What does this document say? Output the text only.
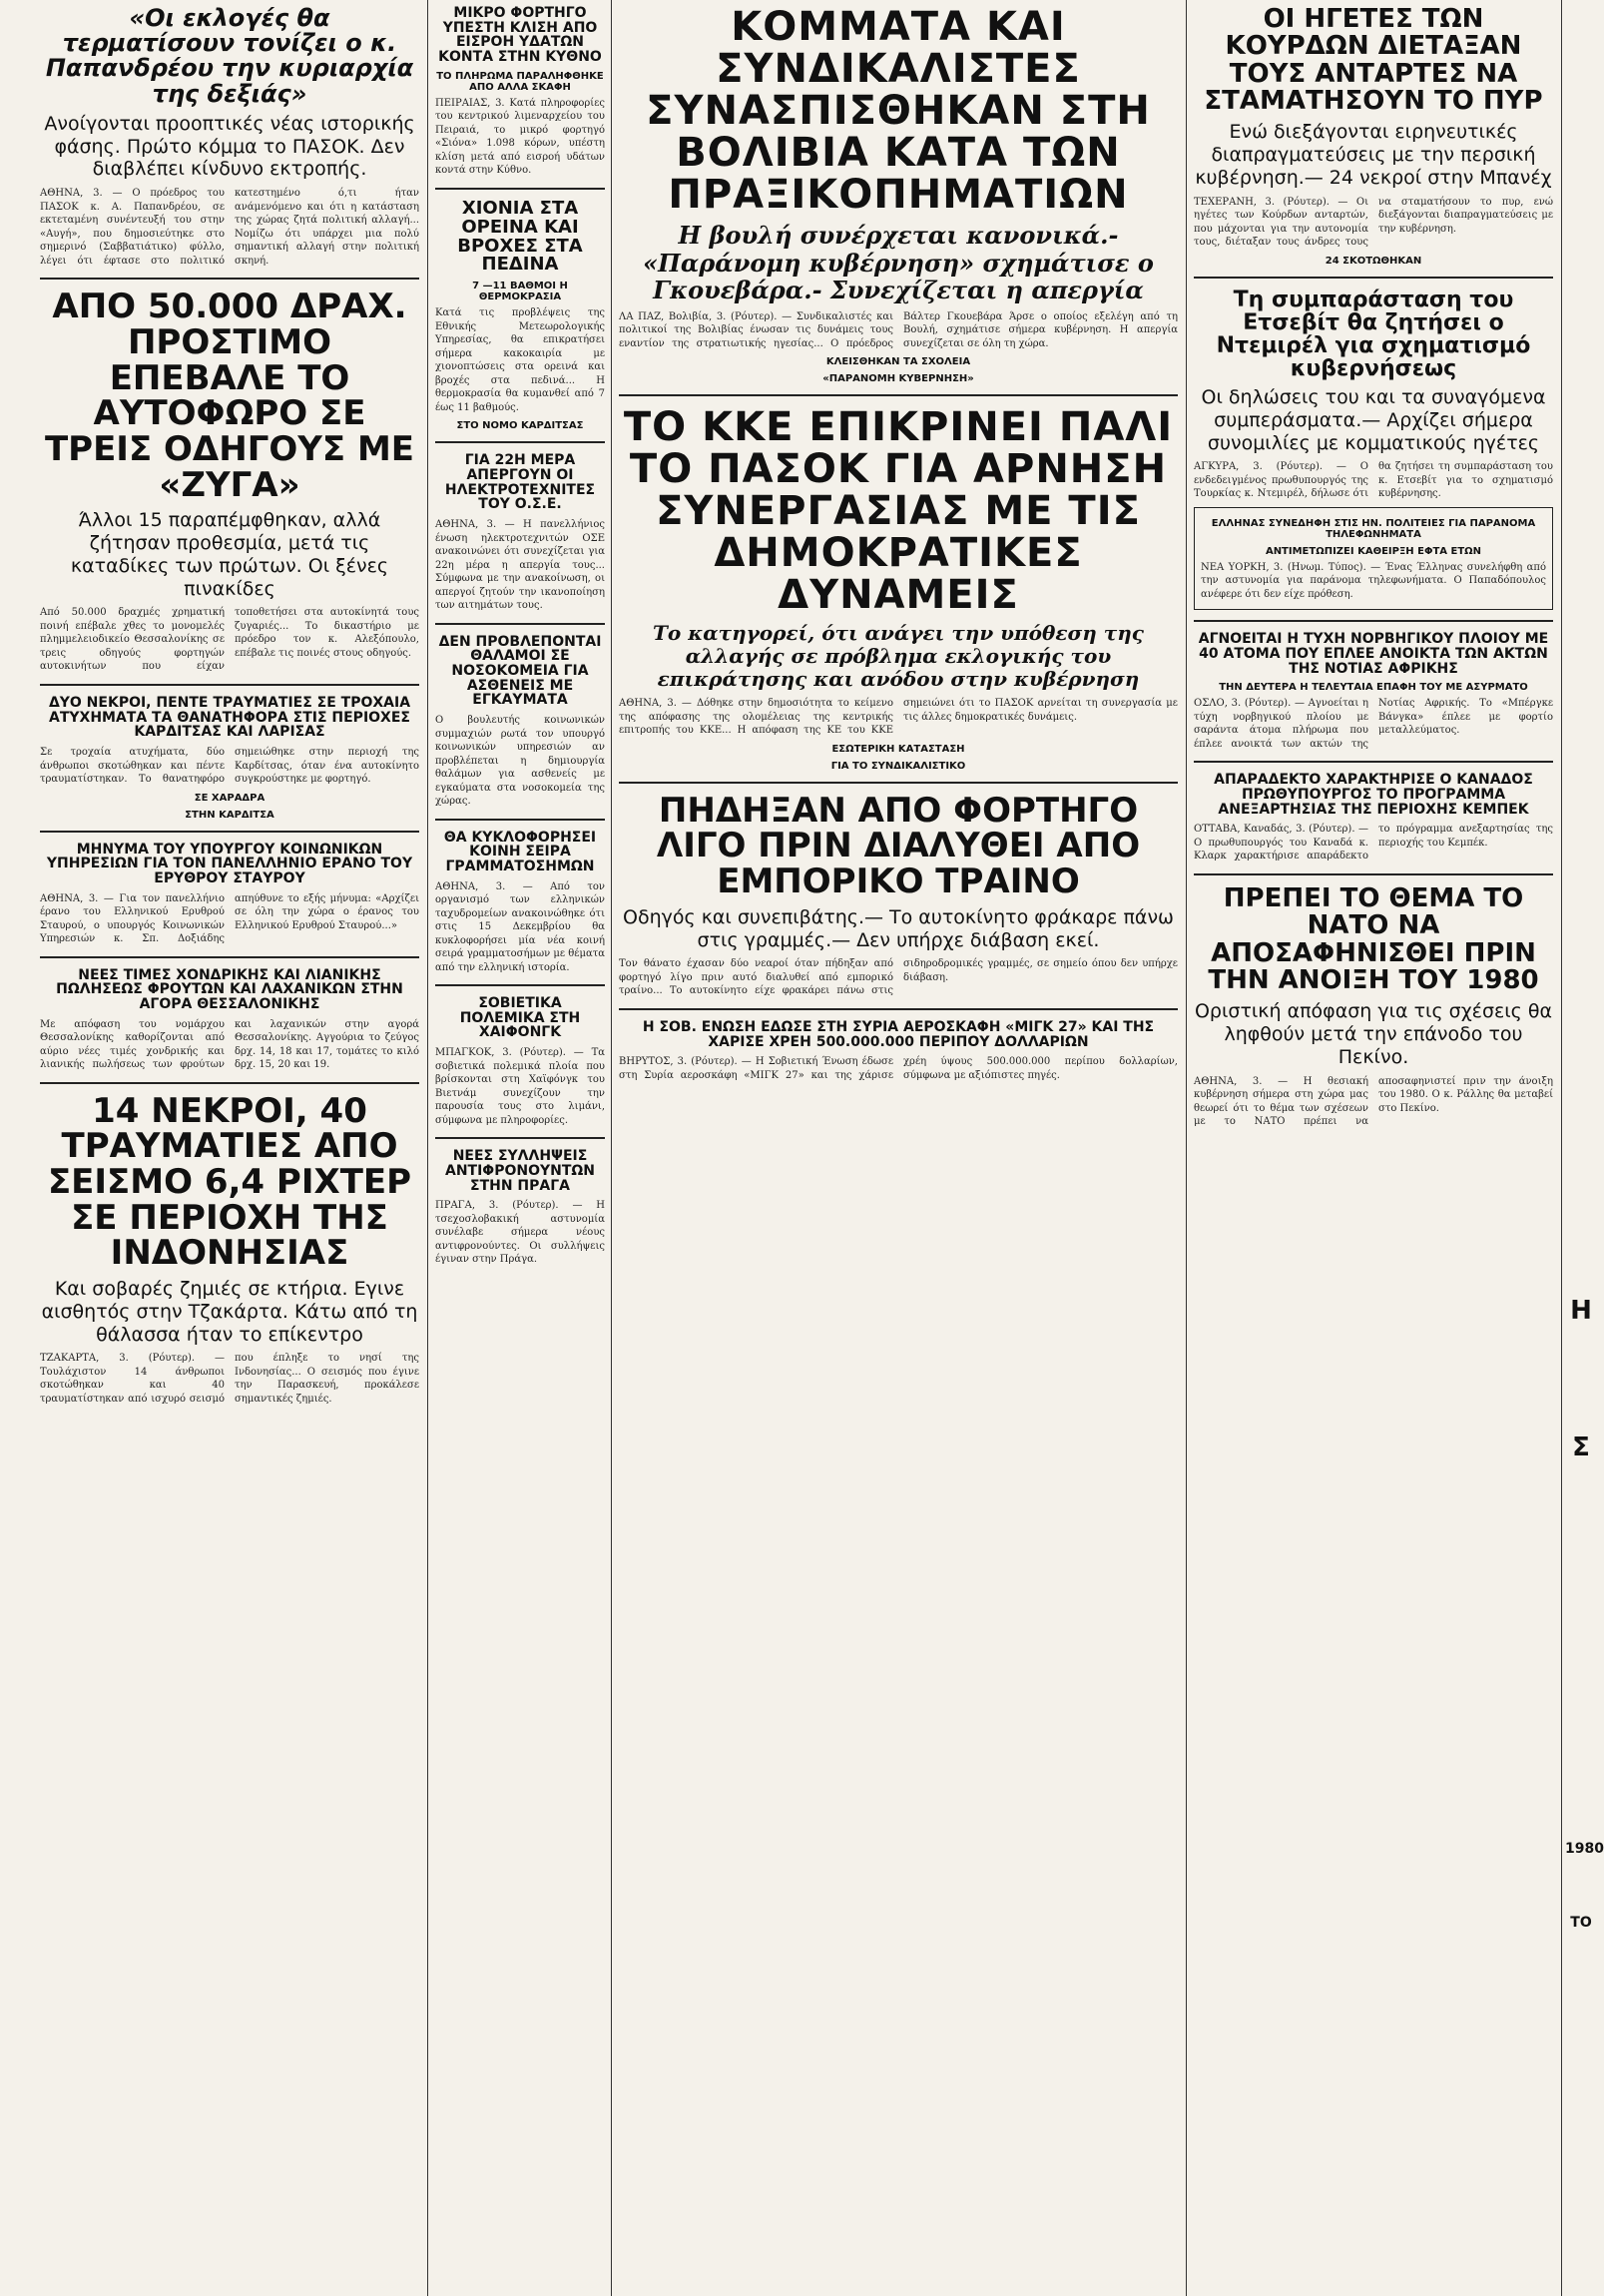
«Οι εκλογές θα τερματίσουν τονίζει ο κ. Παπανδρέου την κυριαρχία της δεξιάς»
Ανοίγονται προοπτικές νέας ιστορικής φάσης. Πρώτο κόμμα το ΠΑΣΟΚ. Δεν διαβλέπει κίνδυνο εκτροπής.
ΑΘΗΝΑ, 3. — Ο πρόεδρος του ΠΑΣΟΚ κ. Α. Παπανδρέου, σε εκτεταμένη συνέντευξή του στην «Αυγή», που δημοσιεύτηκε στο σημερινό (Σαββατιάτικο) φύλλο, λέγει ότι έφτασε στο πολιτικό κατεστημένο ό,τι ήταν ανάμενόμενο και ότι η κατάσταση της χώρας ζητά πολιτική αλλαγή... Νομίζω ότι υπάρχει μια πολύ σημαντική αλλαγή στην πολιτική σκηνή.
ΑΠΟ 50.000 ΔΡΑΧ. ΠΡΟΣΤΙΜΟ ΕΠΕΒΑΛΕ ΤΟ ΑΥΤΟΦΩΡΟ ΣΕ ΤΡΕΙΣ ΟΔΗΓΟΥΣ ΜΕ «ΖΥΓΑ»
Άλλοι 15 παραπέμφθηκαν, αλλά ζήτησαν προθεσμία, μετά τις καταδίκες των πρώτων. Οι ξένες πινακίδες
Από 50.000 δραχμές χρηματική ποινή επέβαλε χθες το μονομελές πλημμελειοδικείο Θεσσαλονίκης σε τρεις οδηγούς φορτηγών αυτοκινήτων που είχαν τοποθετήσει στα αυτοκίνητά τους ζυγαριές... Το δικαστήριο με πρόεδρο τον κ. Αλεξόπουλο, επέβαλε τις ποινές στους οδηγούς.
ΔΥΟ ΝΕΚΡΟΙ, ΠΕΝΤΕ ΤΡΑΥΜΑΤΙΕΣ ΣΕ ΤΡΟΧΑΙΑ ΑΤΥΧΗΜΑΤΑ ΤΑ ΘΑΝΑΤΗΦΟΡΑ ΣΤΙΣ ΠΕΡΙΟΧΕΣ ΚΑΡΔΙΤΣΑΣ ΚΑΙ ΛΑΡΙΣΑΣ
Σε τροχαία ατυχήματα, δύο άνθρωποι σκοτώθηκαν και πέντε τραυματίστηκαν. Το θανατηφόρο σημειώθηκε στην περιοχή της Καρδίτσας, όταν ένα αυτοκίνητο συγκρούστηκε με φορτηγό.
ΣΕ ΧΑΡΑΔΡΑ
ΣΤΗΝ ΚΑΡΔΙΤΣΑ
ΜΗΝΥΜΑ ΤΟΥ ΥΠΟΥΡΓΟΥ ΚΟΙΝΩΝΙΚΩΝ ΥΠΗΡΕΣΙΩΝ ΓΙΑ ΤΟΝ ΠΑΝΕΛΛΗΝΙΟ ΕΡΑΝΟ ΤΟΥ ΕΡΥΘΡΟΥ ΣΤΑΥΡΟΥ
ΑΘΗΝΑ, 3. — Για τον πανελλήνιο έρανο του Ελληνικού Ερυθρού Σταυρού, ο υπουργός Κοινωνικών Υπηρεσιών κ. Σπ. Δοξιάδης απηύθυνε το εξής μήνυμα: «Αρχίζει σε όλη την χώρα ο έρανος του Ελληνικού Ερυθρού Σταυρού...»
ΝΕΕΣ ΤΙΜΕΣ ΧΟΝΔΡΙΚΗΣ ΚΑΙ ΛΙΑΝΙΚΗΣ ΠΩΛΗΣΕΩΣ ΦΡΟΥΤΩΝ ΚΑΙ ΛΑΧΑΝΙΚΩΝ ΣΤΗΝ ΑΓΟΡΑ ΘΕΣΣΑΛΟΝΙΚΗΣ
Με απόφαση του νομάρχου Θεσσαλονίκης καθορίζονται από αύριο νέες τιμές χονδρικής και λιανικής πωλήσεως των φρούτων και λαχανικών στην αγορά Θεσσαλονίκης. Αγγούρια το ζεύγος δρχ. 14, 18 και 17, τομάτες το κιλό δρχ. 15, 20 και 19.
14 ΝΕΚΡΟΙ, 40 ΤΡΑΥΜΑΤΙΕΣ ΑΠΟ ΣΕΙΣΜΟ 6,4 ΡΙΧΤΕΡ ΣΕ ΠΕΡΙΟΧΗ ΤΗΣ ΙΝΔΟΝΗΣΙΑΣ
Και σοβαρές ζημιές σε κτήρια. Εγινε αισθητός στην Τζακάρτα. Κάτω από τη θάλασσα ήταν το επίκεντρο
ΤΖΑΚΑΡΤΑ, 3. (Ρόυτερ). — Τουλάχιστον 14 άνθρωποι σκοτώθηκαν και 40 τραυματίστηκαν από ισχυρό σεισμό που έπληξε το νησί της Ινδονησίας... Ο σεισμός που έγινε την Παρασκευή, προκάλεσε σημαντικές ζημιές.
ΜΙΚΡΟ ΦΟΡΤΗΓΟ ΥΠΕΣΤΗ ΚΛΙΣΗ ΑΠΟ ΕΙΣΡΟΗ ΥΔΑΤΩΝ ΚΟΝΤΑ ΣΤΗΝ ΚΥΘΝΟ
ΤΟ ΠΛΗΡΩΜΑ ΠΑΡΑΛΗΦΘΗΚΕ ΑΠΟ ΑΛΛΑ ΣΚΑΦΗ
ΠΕΙΡΑΙΑΣ, 3. Κατά πληροφορίες του κεντρικού λιμεναρχείου του Πειραιά, το μικρό φορτηγό «Σιόνα» 1.098 κόρων, υπέστη κλίση μετά από εισροή υδάτων κοντά στην Κύθνο.
ΧΙΟΝΙΑ ΣΤΑ ΟΡΕΙΝΑ ΚΑΙ ΒΡΟΧΕΣ ΣΤΑ ΠΕΔΙΝΑ
7 —11 ΒΑΘΜΟΙ Η ΘΕΡΜΟΚΡΑΣΙΑ
Κατά τις προβλέψεις της Εθνικής Μετεωρολογικής Υπηρεσίας, θα επικρατήσει σήμερα κακοκαιρία με χιονοπτώσεις στα ορεινά και βροχές στα πεδινά... Η θερμοκρασία θα κυμανθεί από 7 έως 11 βαθμούς.
ΣΤΟ ΝΟΜΟ ΚΑΡΔΙΤΣΑΣ
ΓΙΑ 22Η ΜΕΡΑ ΑΠΕΡΓΟΥΝ ΟΙ ΗΛΕΚΤΡΟΤΕΧΝΙΤΕΣ ΤΟΥ Ο.Σ.Ε.
ΑΘΗΝΑ, 3. — Η πανελλήνιος ένωση ηλεκτροτεχνιτών ΟΣΕ ανακοινώνει ότι συνεχίζεται για 22η μέρα η απεργία τους... Σύμφωνα με την ανακοίνωση, οι απεργοί ζητούν την ικανοποίηση των αιτημάτων τους.
ΔΕΝ ΠΡΟΒΛΕΠΟΝΤΑΙ ΘΑΛΑΜΟΙ ΣΕ ΝΟΣΟΚΟΜΕΙΑ ΓΙΑ ΑΣΘΕΝΕΙΣ ΜΕ ΕΓΚΑΥΜΑΤΑ
Ο βουλευτής κοινωνικών συμμαχιών ρωτά τον υπουργό κοινωνικών υπηρεσιών αν προβλέπεται η δημιουργία θαλάμων για ασθενείς με εγκαύματα στα νοσοκομεία της χώρας.
ΘΑ ΚΥΚΛΟΦΟΡΗΣΕΙ ΚΟΙΝΗ ΣΕΙΡΑ ΓΡΑΜΜΑΤΟΣΗΜΩΝ
ΑΘΗΝΑ, 3. — Από τον οργανισμό των ελληνικών ταχυδρομείων ανακοινώθηκε ότι στις 15 Δεκεμβρίου θα κυκλοφορήσει μία νέα κοινή σειρά γραμματοσήμων με θέματα από την ελληνική ιστορία.
ΣΟΒΙΕΤΙΚΑ ΠΟΛΕΜΙΚΑ ΣΤΗ ΧΑΙΦΟΝΓΚ
ΜΠΑΓΚΟΚ, 3. (Ρόυτερ). — Τα σοβιετικά πολεμικά πλοία που βρίσκονται στη Χαϊφόνγκ του Βιετνάμ συνεχίζουν την παρουσία τους στο λιμάνι, σύμφωνα με πληροφορίες.
ΝΕΕΣ ΣΥΛΛΗΨΕΙΣ ΑΝΤΙΦΡΟΝΟΥΝΤΩΝ ΣΤΗΝ ΠΡΑΓΑ
ΠΡΑΓΑ, 3. (Ρόυτερ). — Η τσεχοσλοβακική αστυνομία συνέλαβε σήμερα νέους αντιφρονούντες. Οι συλλήψεις έγιναν στην Πράγα.
ΚΟΜΜΑΤΑ ΚΑΙ ΣΥΝΔΙΚΑΛΙΣΤΕΣ ΣΥΝΑΣΠΙΣΘΗΚΑΝ ΣΤΗ ΒΟΛΙΒΙΑ ΚΑΤΑ ΤΩΝ ΠΡΑΞΙΚΟΠΗΜΑΤΙΩΝ
Η βουλή συνέρχεται κανονικά.- «Παράνομη κυβέρνηση» σχημάτισε ο Γκουεβάρα.- Συνεχίζεται η απεργία
ΛΑ ΠΑΖ, Βολιβία, 3. (Ρόυτερ). — Συνδικαλιστές και πολιτικοί της Βολιβίας ένωσαν τις δυνάμεις τους εναντίον της στρατιωτικής ηγεσίας... Ο πρόεδρος Βάλτερ Γκουεβάρα Άρσε ο οποίος εξελέγη από τη Βουλή, σχημάτισε σήμερα κυβέρνηση. Η απεργία συνεχίζεται σε όλη τη χώρα.
ΚΛΕΙΣΘΗΚΑΝ ΤΑ ΣΧΟΛΕΙΑ
«ΠΑΡΑΝΟΜΗ ΚΥΒΕΡΝΗΣΗ»
ΤΟ ΚΚΕ ΕΠΙΚΡΙΝΕΙ ΠΑΛΙ ΤΟ ΠΑΣΟΚ ΓΙΑ ΑΡΝΗΣΗ ΣΥΝΕΡΓΑΣΙΑΣ ΜΕ ΤΙΣ ΔΗΜΟΚΡΑΤΙΚΕΣ ΔΥΝΑΜΕΙΣ
Το κατηγορεί, ότι ανάγει την υπόθεση της αλλαγής σε πρόβλημα εκλογικής του επικράτησης και ανόδου στην κυβέρνηση
ΑΘΗΝΑ, 3. — Δόθηκε στην δημοσιότητα το κείμενο της απόφασης της ολομέλειας της κεντρικής επιτροπής του ΚΚΕ... Η απόφαση της ΚΕ του ΚΚΕ σημειώνει ότι το ΠΑΣΟΚ αρνείται τη συνεργασία με τις άλλες δημοκρατικές δυνάμεις.
ΕΣΩΤΕΡΙΚΗ ΚΑΤΑΣΤΑΣΗ
ΓΙΑ ΤΟ ΣΥΝΔΙΚΑΛΙΣΤΙΚΟ
ΠΗΔΗΞΑΝ ΑΠΟ ΦΟΡΤΗΓΟ ΛΙΓΟ ΠΡΙΝ ΔΙΑΛΥΘΕΙ ΑΠΟ ΕΜΠΟΡΙΚΟ ΤΡΑΙΝΟ
Οδηγός και συνεπιβάτης.— Το αυτοκίνητο φράκαρε πάνω στις γραμμές.— Δεν υπήρχε διάβαση εκεί.
Τον θάνατο έχασαν δύο νεαροί όταν πήδηξαν από φορτηγό λίγο πριν αυτό διαλυθεί από εμπορικό τραίνο... Το αυτοκίνητο είχε φρακάρει πάνω στις σιδηροδρομικές γραμμές, σε σημείο όπου δεν υπήρχε διάβαση.
Η ΣΟΒ. ΕΝΩΣΗ ΕΔΩΣΕ ΣΤΗ ΣΥΡΙΑ ΑΕΡΟΣΚΑΦΗ «ΜΙΓΚ 27» ΚΑΙ ΤΗΣ ΧΑΡΙΣΕ ΧΡΕΗ 500.000.000 ΠΕΡΙΠΟΥ ΔΟΛΛΑΡΙΩΝ
ΒΗΡΥΤΟΣ, 3. (Ρόυτερ). — Η Σοβιετική Ένωση έδωσε στη Συρία αεροσκάφη «ΜΙΓΚ 27» και της χάρισε χρέη ύψους 500.000.000 περίπου δολλαρίων, σύμφωνα με αξιόπιστες πηγές.
ΟΙ ΗΓΕΤΕΣ ΤΩΝ ΚΟΥΡΔΩΝ ΔΙΕΤΑΞΑΝ ΤΟΥΣ ΑΝΤΑΡΤΕΣ ΝΑ ΣΤΑΜΑΤΗΣΟΥΝ ΤΟ ΠΥΡ
Ενώ διεξάγονται ειρηνευτικές διαπραγματεύσεις με την περσική κυβέρνηση.— 24 νεκροί στην Μπανέχ
ΤΕΧΕΡΑΝΗ, 3. (Ρόυτερ). — Οι ηγέτες των Κούρδων ανταρτών, που μάχονται για την αυτονομία τους, διέταξαν τους άνδρες τους να σταματήσουν το πυρ, ενώ διεξάγονται διαπραγματεύσεις με την κυβέρνηση.
24 ΣΚΟΤΩΘΗΚΑΝ
Τη συμπαράσταση του Ετσεβίτ θα ζητήσει ο Ντεμιρέλ για σχηματισμό κυβερνήσεως
Οι δηλώσεις του και τα συναγόμενα συμπεράσματα.— Αρχίζει σήμερα συνομιλίες με κομματικούς ηγέτες
ΑΓΚΥΡΑ, 3. (Ρόυτερ). — Ο ενδεδειγμένος πρωθυπουργός της Τουρκίας κ. Ντεμιρέλ, δήλωσε ότι θα ζητήσει τη συμπαράσταση του κ. Ετσεβίτ για το σχηματισμό κυβέρνησης.
ΕΛΛΗΝΑΣ ΣΥΝΕΔΗΦΗ ΣΤΙΣ ΗΝ. ΠΟΛΙΤΕΙΕΣ ΓΙΑ ΠΑΡΑΝΟΜΑ ΤΗΛΕΦΩΝΗΜΑΤΑ
ΑΝΤΙΜΕΤΩΠΙΖΕΙ ΚΑΘΕΙΡΞΗ ΕΦΤΑ ΕΤΩΝ
ΝΕΑ ΥΟΡΚΗ, 3. (Ηνωμ. Τύπος). — Ένας Έλληνας συνελήφθη από την αστυνομία για παράνομα τηλεφωνήματα. Ο Παπαδόπουλος ανέφερε ότι δεν είχε πρόθεση.
ΑΓΝΟΕΙΤΑΙ Η ΤΥΧΗ ΝΟΡΒΗΓΙΚΟΥ ΠΛΟΙΟΥ ΜΕ 40 ΑΤΟΜΑ ΠΟΥ ΕΠΛΕΕ ΑΝΟΙΚΤΑ ΤΩΝ ΑΚΤΩΝ ΤΗΣ ΝΟΤΙΑΣ ΑΦΡΙΚΗΣ
ΤΗΝ ΔΕΥΤΕΡΑ Η ΤΕΛΕΥΤΑΙΑ ΕΠΑΦΗ ΤΟΥ ΜΕ ΑΣΥΡΜΑΤΟ
ΟΣΛΟ, 3. (Ρόυτερ). — Αγνοείται η τύχη νορβηγικού πλοίου με σαράντα άτομα πλήρωμα που έπλεε ανοικτά των ακτών της Νοτίας Αφρικής. Το «Μπέργκε Βάνγκα» έπλεε με φορτίο μεταλλεύματος.
ΑΠΑΡΑΔΕΚΤΟ ΧΑΡΑΚΤΗΡΙΣΕ Ο ΚΑΝΑΔΟΣ ΠΡΩΘΥΠΟΥΡΓΟΣ ΤΟ ΠΡΟΓΡΑΜΜΑ ΑΝΕΞΑΡΤΗΣΙΑΣ ΤΗΣ ΠΕΡΙΟΧΗΣ ΚΕΜΠΕΚ
ΟΤΤΑΒΑ, Καναδάς, 3. (Ρόυτερ). — Ο πρωθυπουργός του Καναδά κ. Κλαρκ χαρακτήρισε απαράδεκτο το πρόγραμμα ανεξαρτησίας της περιοχής του Κεμπέκ.
ΠΡΕΠΕΙ ΤΟ ΘΕΜΑ ΤΟ ΝΑΤΟ ΝΑ ΑΠΟΣΑΦΗΝΙΣΘΕΙ ΠΡΙΝ ΤΗΝ ΑΝΟΙΞΗ ΤΟΥ 1980
Οριστική απόφαση για τις σχέσεις θα ληφθούν μετά την επάνοδο του Πεκίνο.
ΑΘΗΝΑ, 3. — Η θεσιακή κυβέρνηση σήμερα στη χώρα μας θεωρεί ότι το θέμα των σχέσεων με το ΝΑΤΟ πρέπει να αποσαφηνιστεί πριν την άνοιξη του 1980. Ο κ. Ράλλης θα μεταβεί στο Πεκίνο.
Η
Σ
1980
ΤΟ
